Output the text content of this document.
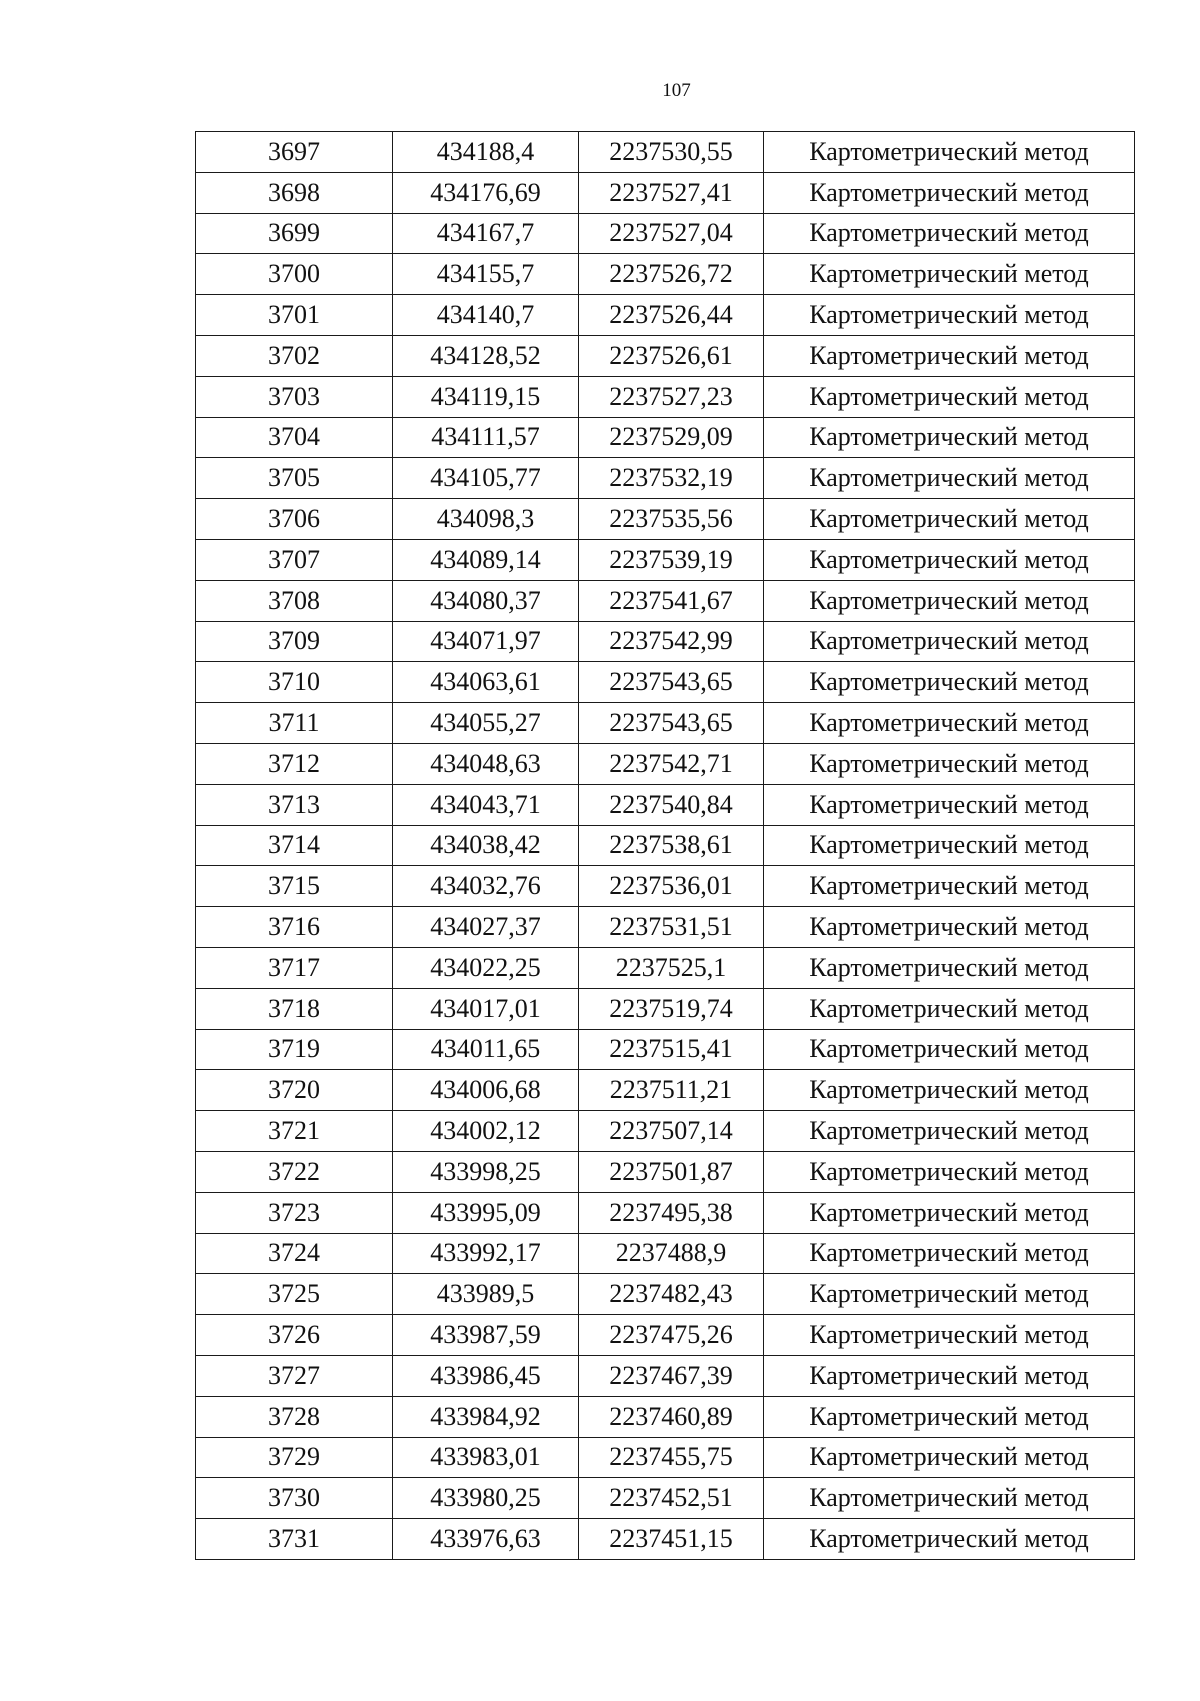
107
3697	434188,4	2237530,55	Картометрический метод
3698	434176,69	2237527,41	Картометрический метод
3699	434167,7	2237527,04	Картометрический метод
3700	434155,7	2237526,72	Картометрический метод
3701	434140,7	2237526,44	Картометрический метод
3702	434128,52	2237526,61	Картометрический метод
3703	434119,15	2237527,23	Картометрический метод
3704	434111,57	2237529,09	Картометрический метод
3705	434105,77	2237532,19	Картометрический метод
3706	434098,3	2237535,56	Картометрический метод
3707	434089,14	2237539,19	Картометрический метод
3708	434080,37	2237541,67	Картометрический метод
3709	434071,97	2237542,99	Картометрический метод
3710	434063,61	2237543,65	Картометрический метод
3711	434055,27	2237543,65	Картометрический метод
3712	434048,63	2237542,71	Картометрический метод
3713	434043,71	2237540,84	Картометрический метод
3714	434038,42	2237538,61	Картометрический метод
3715	434032,76	2237536,01	Картометрический метод
3716	434027,37	2237531,51	Картометрический метод
3717	434022,25	2237525,1	Картометрический метод
3718	434017,01	2237519,74	Картометрический метод
3719	434011,65	2237515,41	Картометрический метод
3720	434006,68	2237511,21	Картометрический метод
3721	434002,12	2237507,14	Картометрический метод
3722	433998,25	2237501,87	Картометрический метод
3723	433995,09	2237495,38	Картометрический метод
3724	433992,17	2237488,9	Картометрический метод
3725	433989,5	2237482,43	Картометрический метод
3726	433987,59	2237475,26	Картометрический метод
3727	433986,45	2237467,39	Картометрический метод
3728	433984,92	2237460,89	Картометрический метод
3729	433983,01	2237455,75	Картометрический метод
3730	433980,25	2237452,51	Картометрический метод
3731	433976,63	2237451,15	Картометрический метод
